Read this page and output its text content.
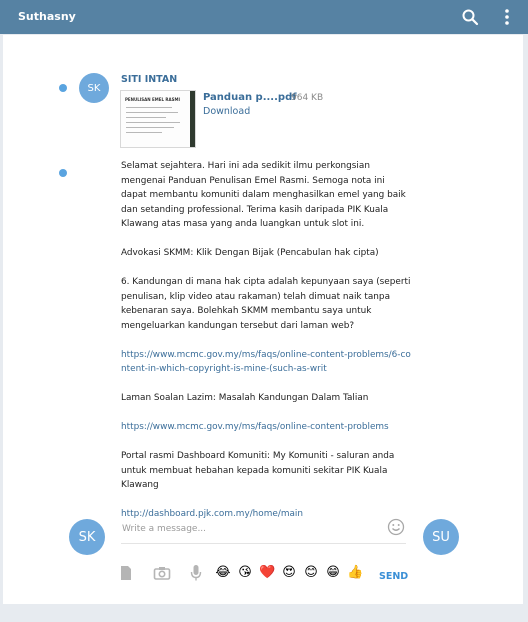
Suthasny
SK
SITI INTAN
PENULISAN EMEL RASMI Panduan p....pdf
964 KB
Download

Selamat sejahtera. Hari ini ada sedikit ilmu perkongsian mengenai Panduan Penulisan Emel Rasmi. Semoga nota ini dapat membantu komuniti dalam menghasilkan emel yang baik dan setanding professional. Terima kasih daripada PIK Kuala Klawang atas masa yang anda luangkan untuk slot ini.

Advokasi SKMM: Klik Dengan Bijak (Pencabulan hak cipta)

6. Kandungan di mana hak cipta adalah kepunyaan saya (seperti penulisan, klip video atau rakaman) telah dimuat naik tanpa kebenaran saya. Bolehkah SKMM membantu saya untuk mengeluarkan kandungan tersebut dari laman web?

https://www.mcmc.gov.my/ms/faqs/online-content-problems/6-content-in-which-copyright-is-mine-(such-as-writ

Laman Soalan Lazim: Masalah Kandungan Dalam Talian

https://www.mcmc.gov.my/ms/faqs/online-content-problems

Portal rasmi Dashboard Komuniti: My Komuniti - saluran anda untuk membuat hebahan kepada komuniti sekitar PIK Kuala Klawang

http://dashboard.pjk.com.my/home/main

SK
Write a message...
SU
😂 😘 ❤️ 😍 😊 😁 👍 SEND
